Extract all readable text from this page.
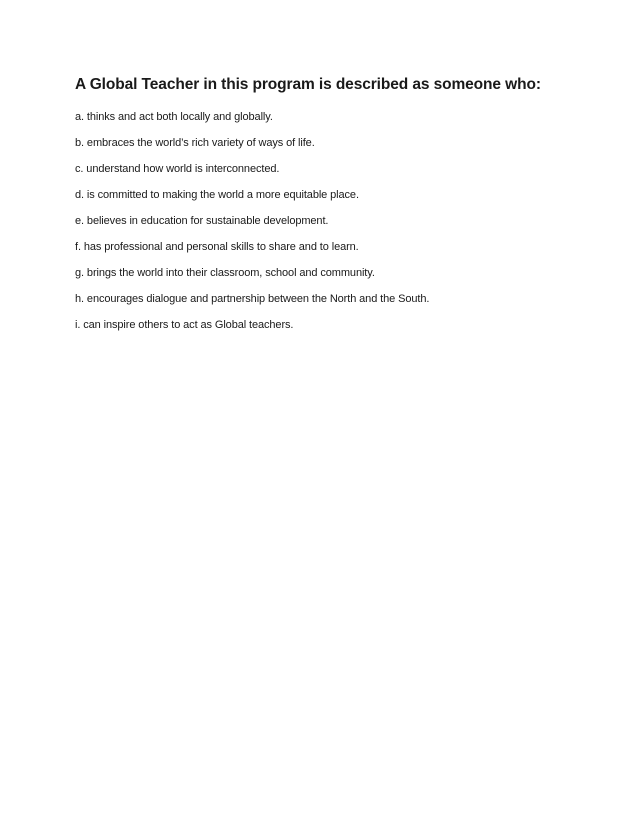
A Global Teacher in this program is described as someone who:
a. thinks and act both locally and globally.
b. embraces the world’s rich variety of ways of life.
c. understand how world is interconnected.
d. is committed to making the world a more equitable place.
e. believes in education for sustainable development.
f. has professional and personal skills to share and to learn.
g. brings the world into their classroom, school and community.
h. encourages dialogue and partnership between the North and the South.
i. can inspire others to act as Global teachers.
